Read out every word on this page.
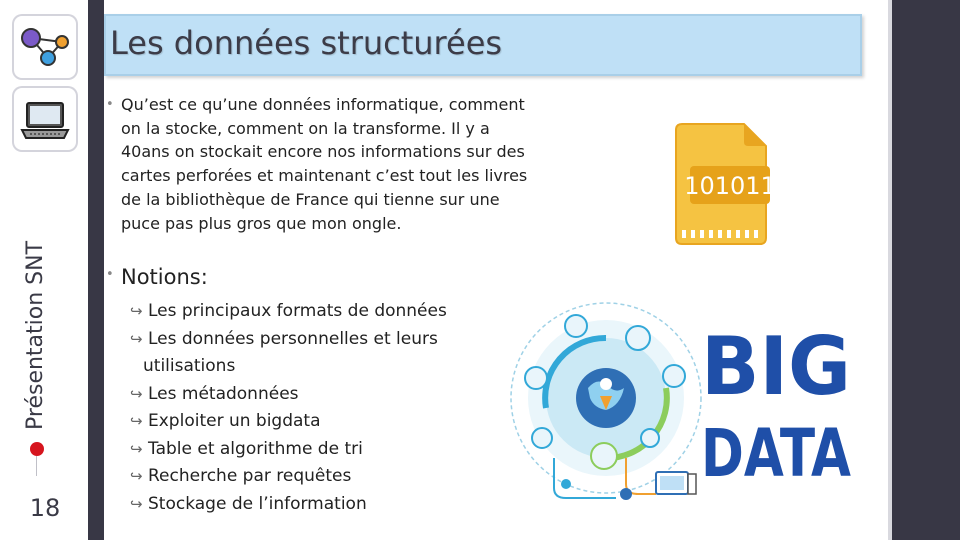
Présentation SNT
18
Les données structurées
• Qu’est ce qu’une données informatique, comment on la stocke, comment on la transforme. Il y a 40ans on stockait encore nos informations sur des cartes perforées et maintenant c’est tout les livres de la bibliothèque de France qui tienne sur une puce pas plus gros que mon ongle.
• Notions:
↪ Les principaux formats de données
↪ Les données personnelles et leurs
utilisations
↪ Les métadonnées
↪ Exploiter un bigdata
↪ Table et algorithme de tri
↪ Recherche par requêtes
↪ Stockage de l’information
101011
BIG
DATA
